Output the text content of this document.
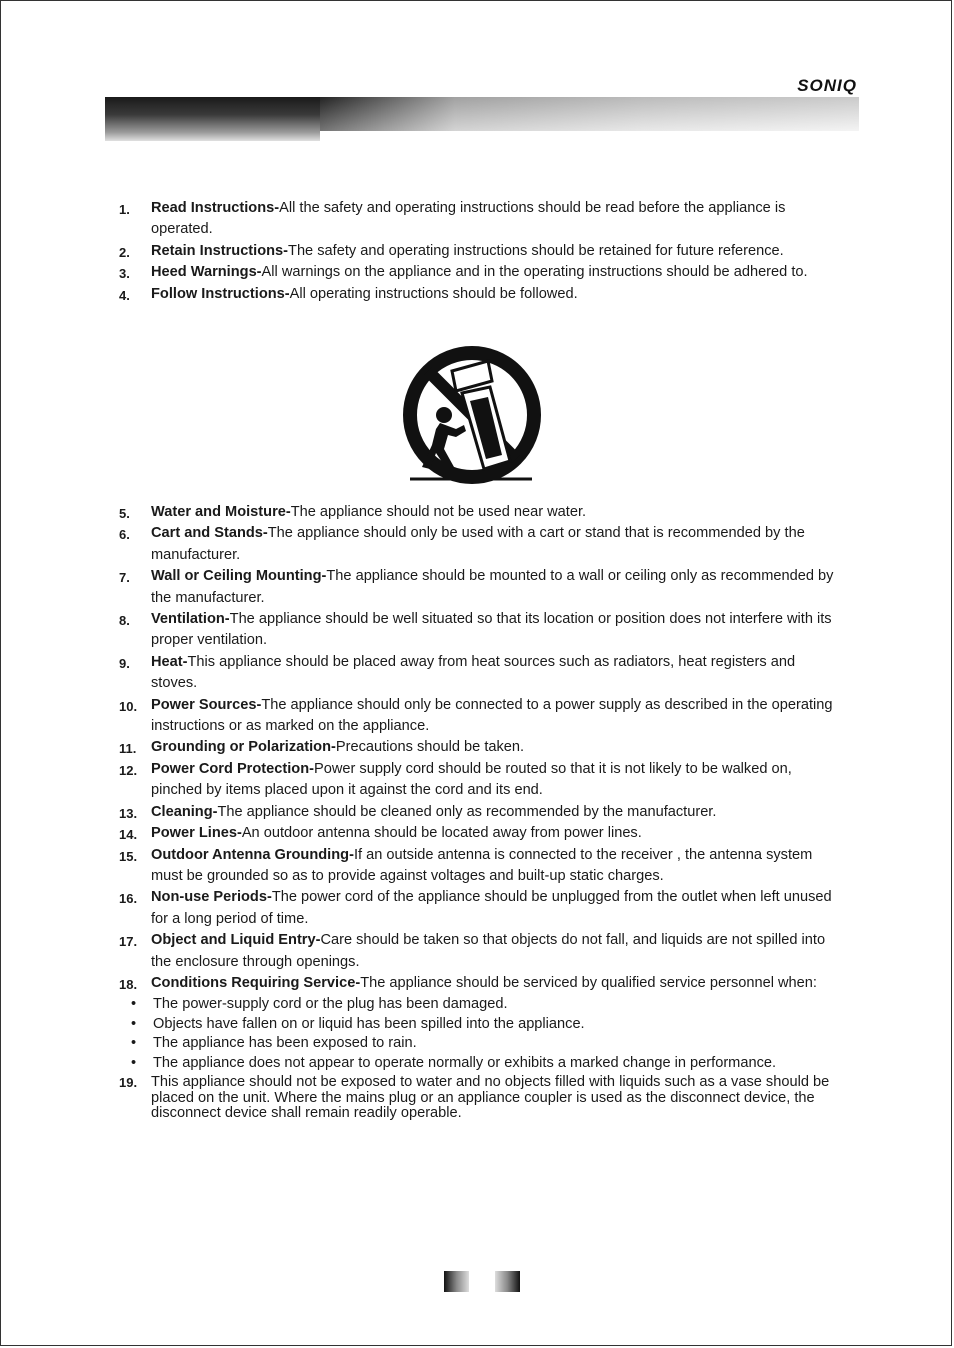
SONIQ
1.	Read Instructions-All the safety and operating instructions should be read before the appliance is operated.
2.	Retain Instructions-The safety and operating instructions should be retained for future reference.
3.	Heed Warnings-All warnings on the appliance and in the operating instructions should be adhered to.
4.	Follow Instructions-All operating instructions should be followed.
5.	Water and Moisture-The appliance should not be used near water.
6.	Cart and Stands-The appliance should only be used with a cart or stand that is recommended by the manufacturer.
7.	Wall or Ceiling Mounting-The appliance should be mounted to a wall or ceiling only as recommended by the manufacturer.
8.	Ventilation-The appliance should be well situated so that its location or position does not interfere with its proper ventilation.
9.	Heat-This appliance should be placed away from heat sources such as radiators, heat registers and stoves.
10. Power Sources-The appliance should only be connected to a power supply as described in the operating instructions or as marked on the appliance.
11.	Grounding or Polarization-Precautions should be taken.
12. Power Cord Protection-Power supply cord should be routed so that it is not likely to be walked on, pinched by items placed upon it against the cord and its end.
13. Cleaning-The appliance should be cleaned only as recommended by the manufacturer.
14. Power Lines-An outdoor antenna should be located away from power lines.
15. Outdoor Antenna Grounding-If an outside antenna is connected to the receiver , the antenna system must be grounded so as to provide against voltages and built-up static charges.
16. Non-use Periods-The power cord of the appliance should be unplugged from the outlet when left unused for a long period of time.
17. Object and Liquid Entry-Care should be taken so that objects do not fall, and liquids are not spilled into the enclosure through openings.
18. Conditions Requiring Service-The appliance should be serviced by qualified service personnel when:
• The power-supply cord or the plug has been damaged.
• Objects have fallen on or liquid has been spilled into the appliance.
• The appliance has been exposed to rain.
• The appliance does not appear to operate normally or exhibits a marked change in performance.
19. This appliance should not be exposed to water and no objects filled with liquids such as a vase should be placed on the unit. Where the mains plug or an appliance coupler is used as the disconnect device, the disconnect device shall remain readily operable.
